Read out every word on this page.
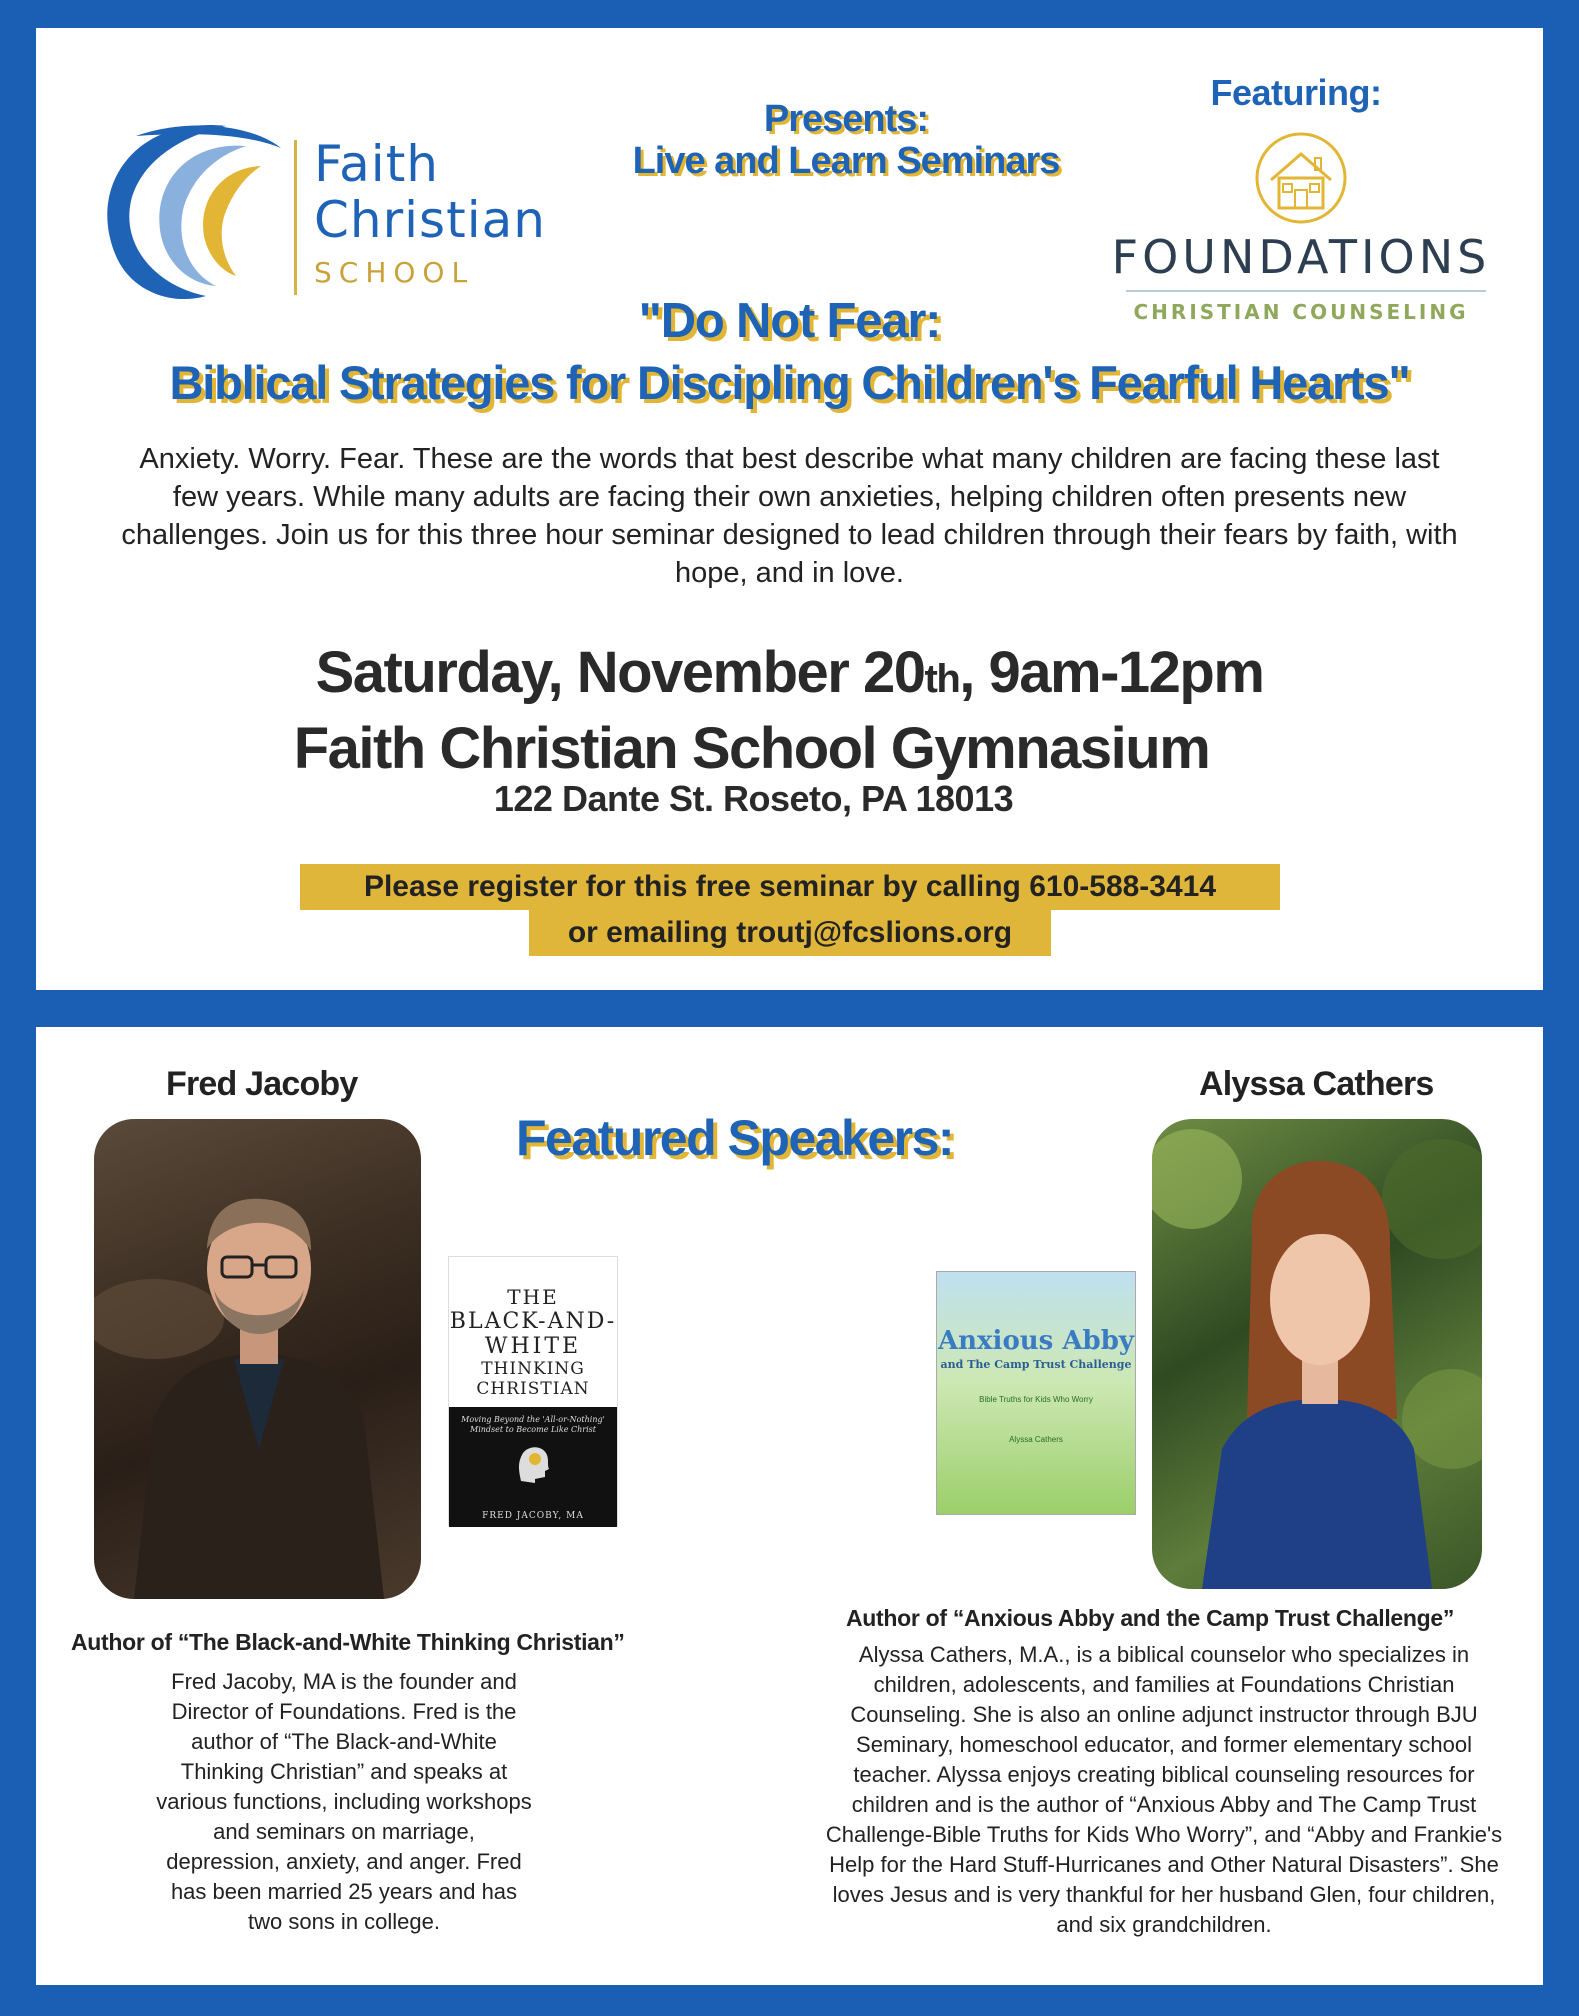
Faith
Christian
SCHOOL
Presents:
Live and Learn Seminars
Featuring:
FOUNDATIONS
CHRISTIAN COUNSELING
"Do Not Fear:
Biblical Strategies for Discipling Children's Fearful Hearts"
Anxiety. Worry. Fear. These are the words that best describe what many children are facing these last few years. While many adults are facing their own anxieties, helping children often presents new challenges. Join us for this three hour seminar designed to lead children through their fears by faith, with hope, and in love.
Saturday, November 20th, 9am-12pm
Faith Christian School Gymnasium
122 Dante St. Roseto, PA 18013
Please register for this free seminar by calling 610-588-3414
or emailing troutj@fcslions.org
Fred Jacoby	Alyssa Cathers
Featured Speakers:
THE
BLACK-AND-
WHITE
THINKING
CHRISTIAN
Moving Beyond the 'All-or-Nothing' Mindset to Become Like Christ
FRED JACOBY, MA
Anxious Abby
and The Camp Trust Challenge
Bible Truths for Kids Who Worry
Alyssa Cathers
Author of “The Black-and-White Thinking Christian”
Fred Jacoby, MA is the founder and Director of Foundations. Fred is the author of “The Black-and-White Thinking Christian” and speaks at various functions, including workshops and seminars on marriage, depression, anxiety, and anger. Fred has been married 25 years and has two sons in college.
Author of “Anxious Abby and the Camp Trust Challenge”
Alyssa Cathers, M.A., is a biblical counselor who specializes in children, adolescents, and families at Foundations Christian Counseling. She is also an online adjunct instructor through BJU Seminary, homeschool educator, and former elementary school teacher. Alyssa enjoys creating biblical counseling resources for children and is the author of “Anxious Abby and The Camp Trust Challenge-Bible Truths for Kids Who Worry”, and “Abby and Frankie's Help for the Hard Stuff-Hurricanes and Other Natural Disasters”. She loves Jesus and is very thankful for her husband Glen, four children, and six grandchildren.
